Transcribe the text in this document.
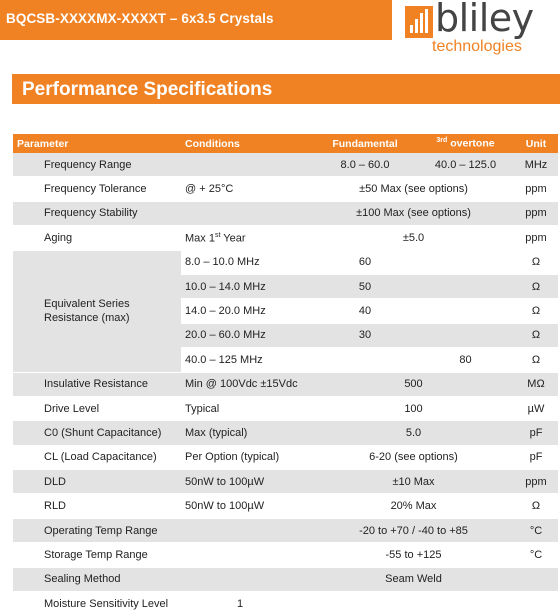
BQCSB-XXXXMX-XXXXT – 6x3.5 Crystals	bliley
technologies
Performance Specifications
Parameter	Conditions	Fundamental	$^{3rd}$ overtone	Unit
Frequency Range		8.0 – 60.0	40.0 – 125.0	MHz
Frequency Tolerance	@ + 25°C	±50 Max (see options)		ppm
Frequency Stability		±100 Max (see options)		ppm
Aging	Max 1st Year	±5.0		ppm
Equivalent Series Resistance (max)	8.0 – 10.0 MHz	60		Ω
	10.0 – 14.0 MHz	50		Ω
	14.0 – 20.0 MHz	40		Ω
	20.0 – 60.0 MHz	30		Ω
	40.0 – 125 MHz		80	Ω
Insulative Resistance	Min @ 100Vdc ±15Vdc	500		MΩ
Drive Level	Typical	100		µW
C0 (Shunt Capacitance)	Max (typical)	5.0		pF
CL (Load Capacitance)	Per Option (typical)	6-20 (see options)		pF
DLD	50nW to 100µW	±10 Max		ppm
RLD	50nW to 100µW	20% Max		Ω
Operating Temp Range		-20 to +70 / -40 to +85		°C
Storage Temp Range		-55 to +125		°C
Sealing Method		Seam Weld		
Moisture Sensitivity Level	1			
